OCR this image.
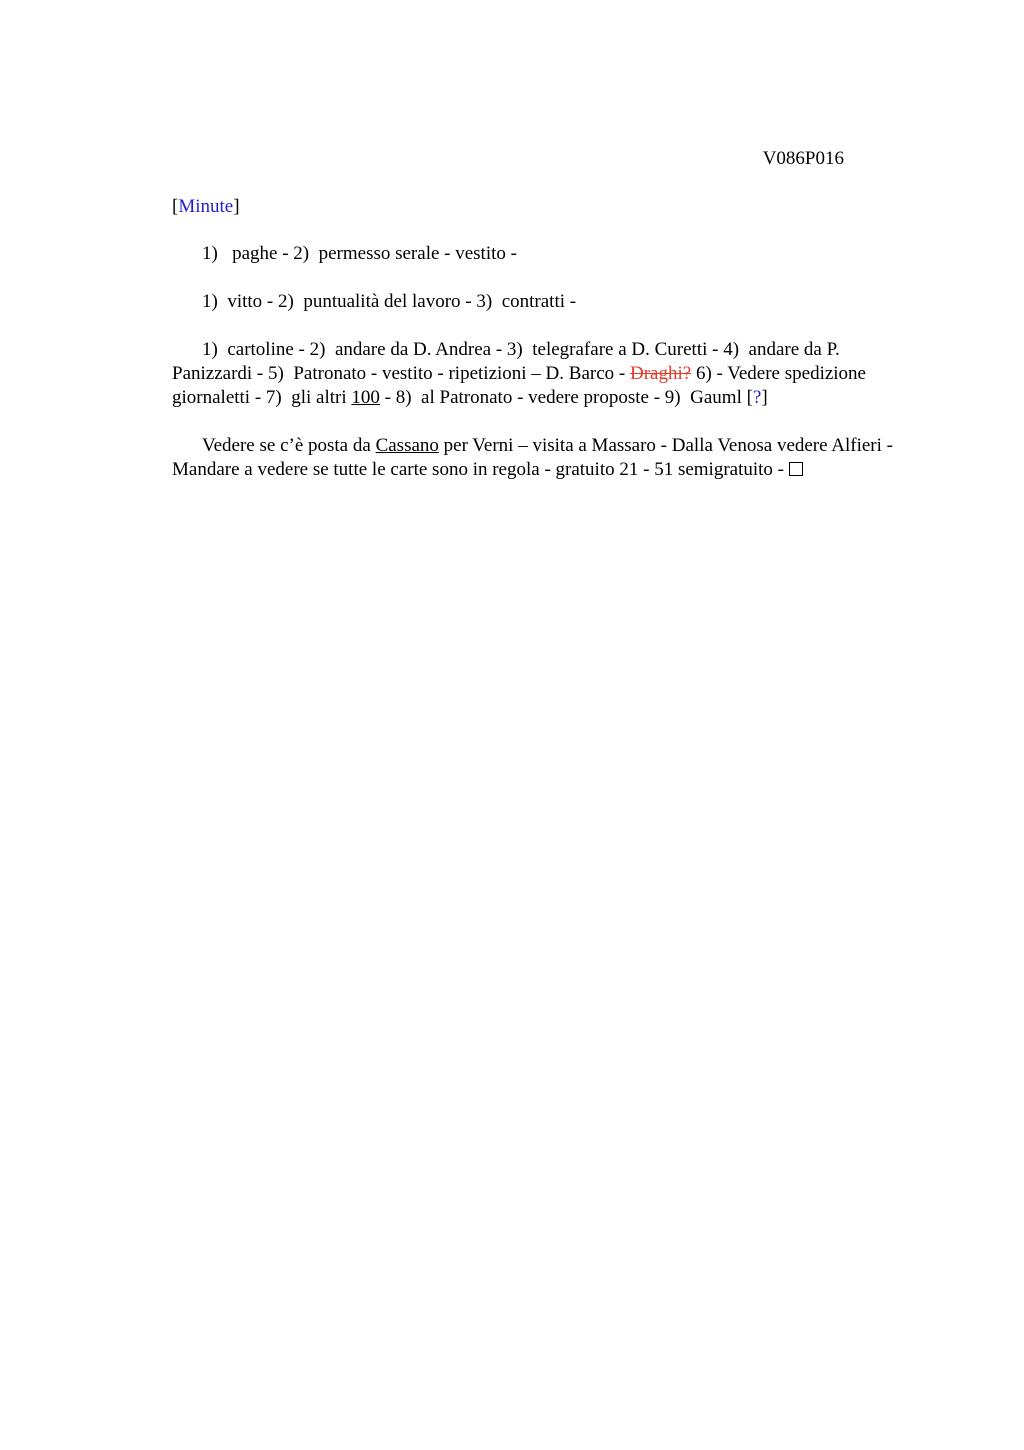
V086P016

[Minute]

1)   paghe - 2)  permesso serale - vestito -

1)  vitto - 2)  puntualità del lavoro - 3)  contratti -

1)  cartoline - 2)  andare da D. Andrea - 3)  telegrafare a D. Curetti - 4)  andare da P. Panizzardi - 5)  Patronato - vestito - ripetizioni – D. Barco - Draghi? 6) - Vedere spedizione giornaletti - 7)  gli altri 100 - 8)  al Patronato - vedere proposte - 9)  Gauml [?]

Vedere se c’è posta da Cassano per Verni – visita a Massaro - Dalla Venosa vedere Alfieri - Mandare a vedere se tutte le carte sono in regola - gratuito 21 - 51 semigratuito -
